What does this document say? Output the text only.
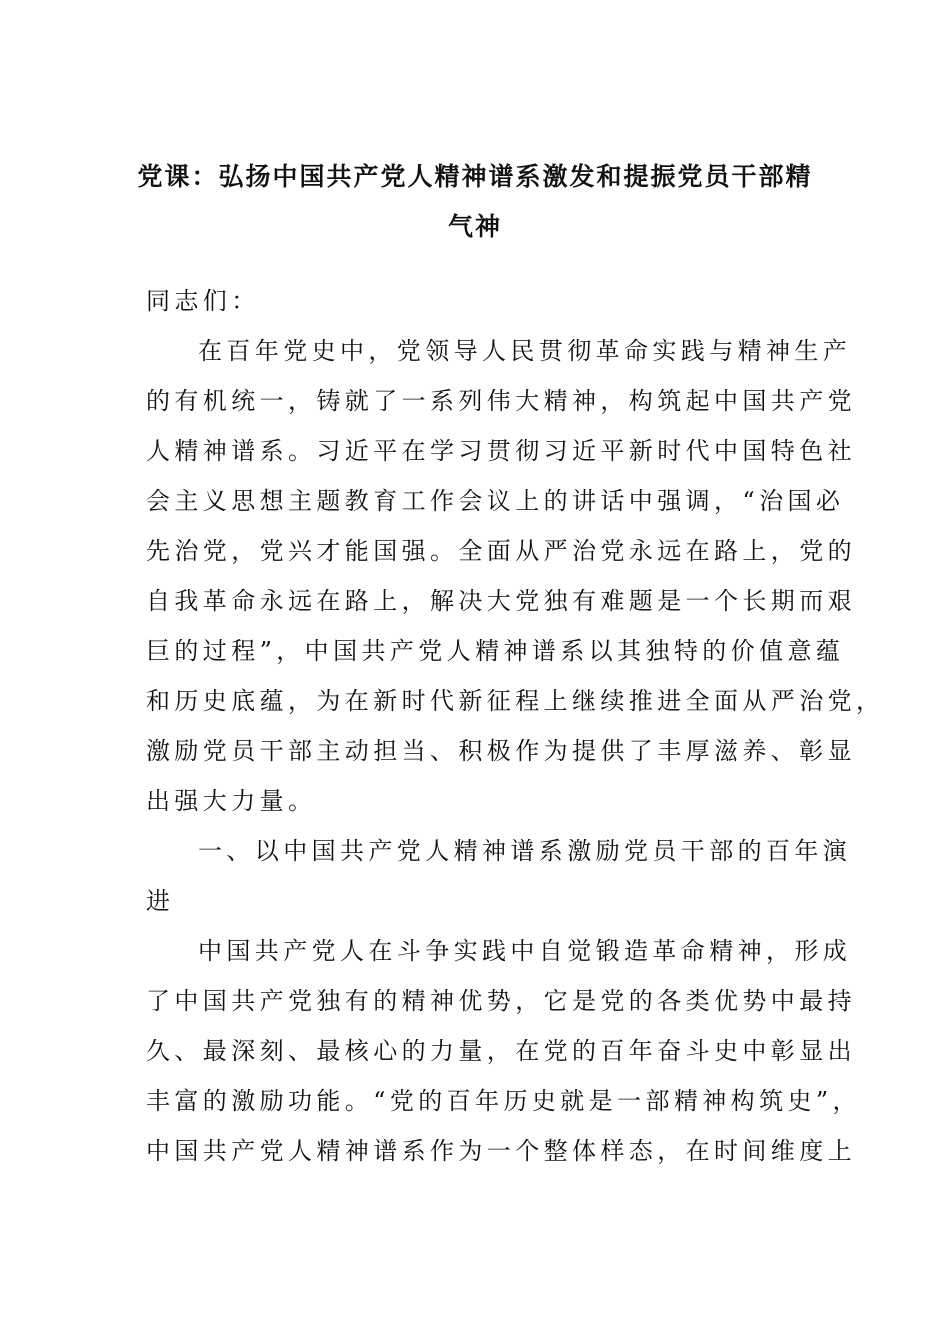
党课：弘扬中国共产党人精神谱系激发和提振党员干部精
气神
同志们：
在百年党史中，党领导人民贯彻革命实践与精神生产
的有机统一，铸就了一系列伟大精神，构筑起中国共产党
人精神谱系。习近平在学习贯彻习近平新时代中国特色社
会主义思想主题教育工作会议上的讲话中强调，“治国必
先治党，党兴才能国强。全面从严治党永远在路上，党的
自我革命永远在路上，解决大党独有难题是一个长期而艰
巨的过程”，中国共产党人精神谱系以其独特的价值意蕴
和历史底蕴，为在新时代新征程上继续推进全面从严治党，
激励党员干部主动担当、积极作为提供了丰厚滋养、彰显
出强大力量。
一、以中国共产党人精神谱系激励党员干部的百年演
进
中国共产党人在斗争实践中自觉锻造革命精神，形成
了中国共产党独有的精神优势，它是党的各类优势中最持
久、最深刻、最核心的力量，在党的百年奋斗史中彰显出
丰富的激励功能。“党的百年历史就是一部精神构筑史”，
中国共产党人精神谱系作为一个整体样态，在时间维度上
